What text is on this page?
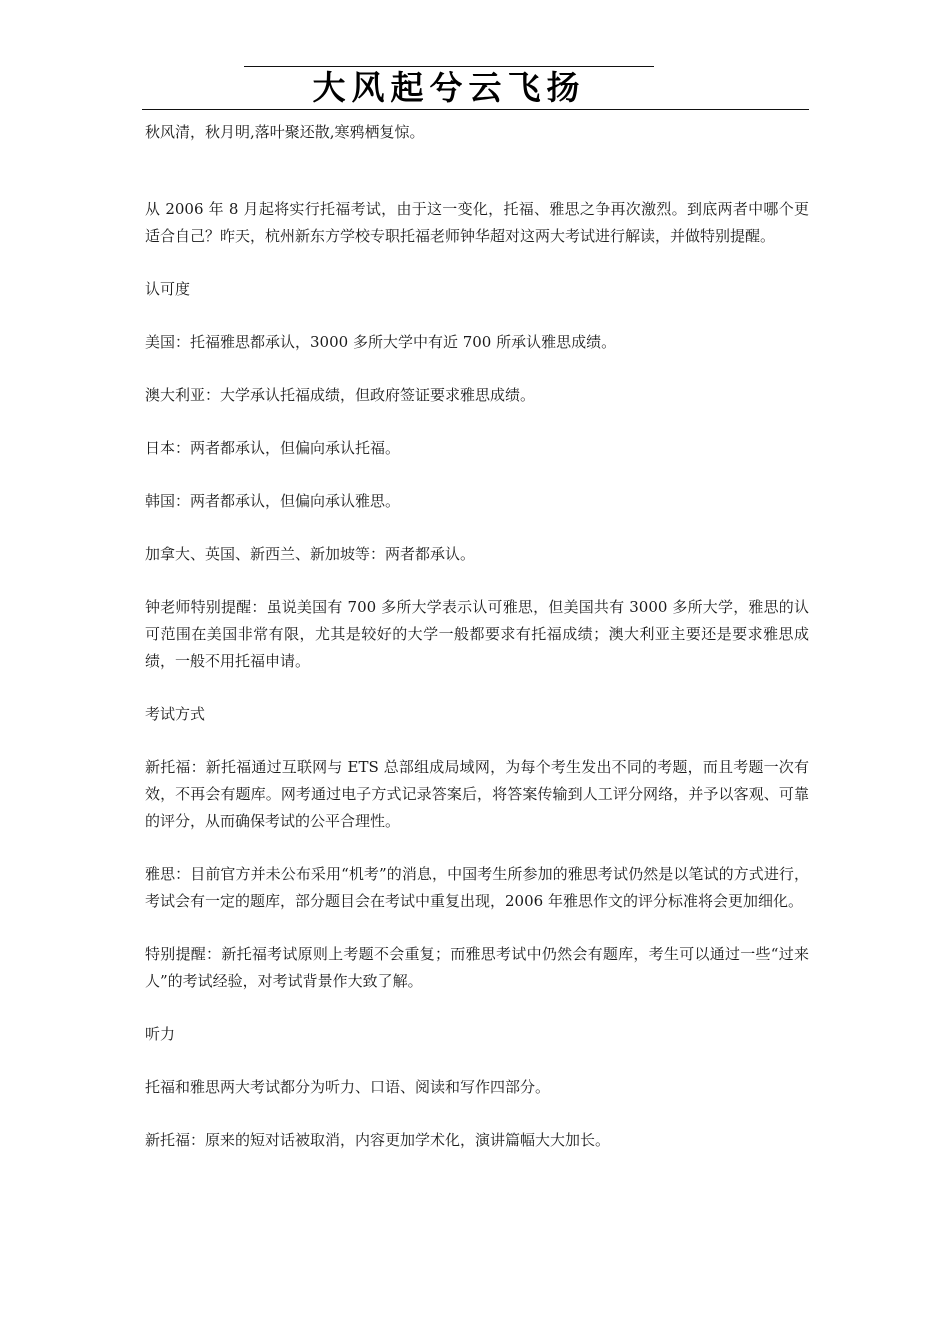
大风起兮云飞扬

秋风清，秋月明,落叶聚还散,寒鸦栖复惊。

从 2006 年 8 月起将实行托福考试，由于这一变化，托福、雅思之争再次激烈。到底两者中哪个更适合自己？昨天，杭州新东方学校专职托福老师钟华超对这两大考试进行解读，并做特别提醒。

认可度

美国：托福雅思都承认，3000 多所大学中有近 700 所承认雅思成绩。

澳大利亚：大学承认托福成绩，但政府签证要求雅思成绩。

日本：两者都承认，但偏向承认托福。

韩国：两者都承认，但偏向承认雅思。

加拿大、英国、新西兰、新加坡等：两者都承认。

钟老师特别提醒：虽说美国有 700 多所大学表示认可雅思，但美国共有 3000 多所大学，雅思的认可范围在美国非常有限，尤其是较好的大学一般都要求有托福成绩；澳大利亚主要还是要求雅思成绩，一般不用托福申请。

考试方式

新托福：新托福通过互联网与 ETS 总部组成局域网，为每个考生发出不同的考题，而且考题一次有效，不再会有题库。网考通过电子方式记录答案后，将答案传输到人工评分网络，并予以客观、可靠的评分，从而确保考试的公平合理性。

雅思：目前官方并未公布采用“机考”的消息，中国考生所参加的雅思考试仍然是以笔试的方式进行，考试会有一定的题库，部分题目会在考试中重复出现，2006 年雅思作文的评分标准将会更加细化。

特别提醒：新托福考试原则上考题不会重复；而雅思考试中仍然会有题库，考生可以通过一些“过来人”的考试经验，对考试背景作大致了解。

听力

托福和雅思两大考试都分为听力、口语、阅读和写作四部分。

新托福：原来的短对话被取消，内容更加学术化，演讲篇幅大大加长。
